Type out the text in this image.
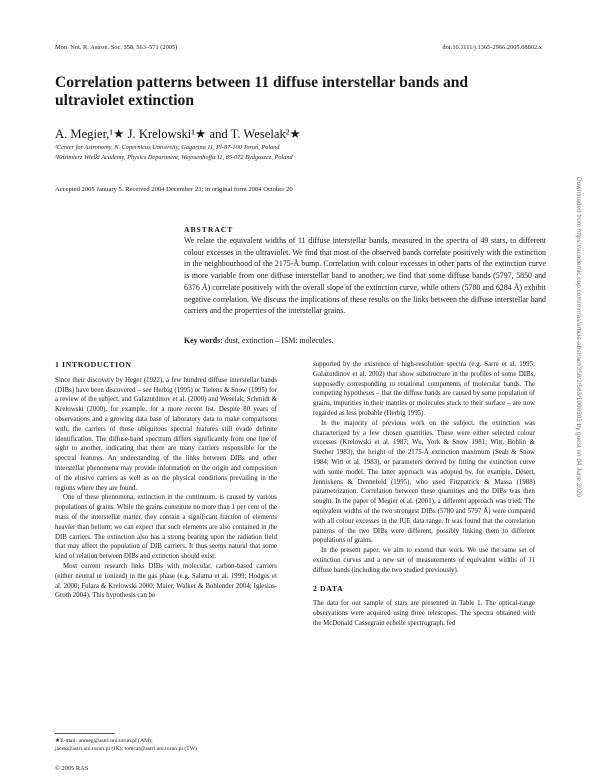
Mon. Not. R. Astron. Soc. 358, 563–571 (2005)	doi:10.1111/j.1365-2966.2005.08802.x
Correlation patterns between 11 diffuse interstellar bands and ultraviolet extinction
A. Megier,¹★ J. Krelowski¹★ and T. Weselak²★
¹Center for Astronomy, N. Copernicus University, Gagarina 11, Pl-87-100 Toruń, Poland
²Kazimierz Wielki Academy, Physics Department, Weyssenhoffa 11, 85-072 Bydgoszcz, Poland
Accepted 2005 January 5. Received 2004 December 23; in original form 2004 October 20
ABSTRACT
We relate the equivalent widths of 11 diffuse interstellar bands, measured in the spectra of 49 stars, to different colour excesses in the ultraviolet. We find that most of the observed bands correlate positively with the extinction in the neighbourhood of the 2175-Å bump. Correlation with colour excesses in other parts of the extinction curve is more variable from one diffuse interstellar band to another; we find that some diffuse bands (5797, 5850 and 6376 Å) correlate positively with the overall slope of the extinction curve, while others (5780 and 6284 Å) exhibit negative correlation. We discuss the implications of these results on the links between the diffuse interstellar band carriers and the properties of the interstellar grains.
Key words: dust, extinction – ISM: molecules.
1 INTRODUCTION

Since their discovery by Heger (1922), a few hundred diffuse interstellar bands (DIBs) have been discovered – see Herbig (1995) or Tielens & Snow (1995) for a review of the subject, and Galazutdinov et al. (2000) and Weselak, Schmidt & Krelowski (2000), for example, for a more recent list. Despite 80 years of observations and a growing data base of laboratory data to make comparisons with, the carriers of those ubiquitous spectral features still evade definite identification. The diffuse-band spectrum differs significantly from one line of sight to another, indicating that there are many carriers responsible for the spectral features. An understanding of the links between DIBs and other interstellar phenomena may provide information on the origin and composition of the elusive carriers as well as on the physical conditions prevailing in the regions where they are found.

One of these phenomena, extinction in the continuum, is caused by various populations of grains. While the grains constitute no more than 1 per cent of the mass of the interstellar matter, they contain a significant fraction of elements heavier than helium; we can expect that such elements are also contained in the DIB carriers. The extinction also has a strong bearing upon the radiation field that may affect the population of DIB carriers. It thus seems natural that some kind of relation between DIBs and extinction should exist.

Most current research links DIBs with molecular, carbon-based carriers (either neutral or ionized) in the gas phase (e.g. Salama et al. 1999; Hodges et al. 2000; Fulara & Krelowski 2000; Maier, Walker & Bohlender 2004; Iglesias-Groth 2004). This hypothesis can be

supported by the existence of high-resolution spectra (e.g. Sarre et al. 1995; Galazutdinov et al. 2002) that show substructure in the profiles of some DIBs, supposedly corresponding to rotational components of molecular bands. The competing hypotheses – that the diffuse bands are caused by some population of grains, impurities in their mantles or molecules stuck to their surface – are now regarded as less probable (Herbig 1995).

In the majority of previous work on the subject, the extinction was characterized by a few chosen quantities. These were either selected colour excesses (Krelowski et al. 1987; Wu, York & Snow 1981; Witt, Bohlin & Stecher 1983), the height of the 2175-Å extinction maximum (Seab & Snow 1984; Witt et al. 1983), or parameters derived by fitting the extinction curve with some model. The latter approach was adopted by, for example, Désert, Jenniskens & Dennefeld (1995), who used Fitzpatrick & Massa (1988) parametrization. Correlation between these quantities and the DIBs was then sought. In the paper of Megier et al. (2001), a different approach was tried. The equivalent widths of the two strongest DIBs (5780 and 5797 Å) were compared with all colour excesses in the IUE data range. It was found that the correlation patterns of the two DIBs were different, possibly linking them to different populations of grains.

In the present paper, we aim to extend that work. We use the same set of extinction curves and a new set of measurements of equivalent widths of 11 diffuse bands (including the two studied previously).

2 DATA

The data for our sample of stars are presented in Table 1. The optical-range observations were acquired using three telescopes. The spectra obtained with the McDonald Cassegrain echelle spectrograph, fed

★E-mail: anmeg@astri.uni.torun.pl (AM);
jacek@astri.uni.torun.pl (JK); tomcat@astri.uni.torun.pl (TW)
© 2005 RAS
Downloaded from https://academic.oup.com/mnras/article-abstract/358/2/563/1000303 by guest on 04 June 2020
